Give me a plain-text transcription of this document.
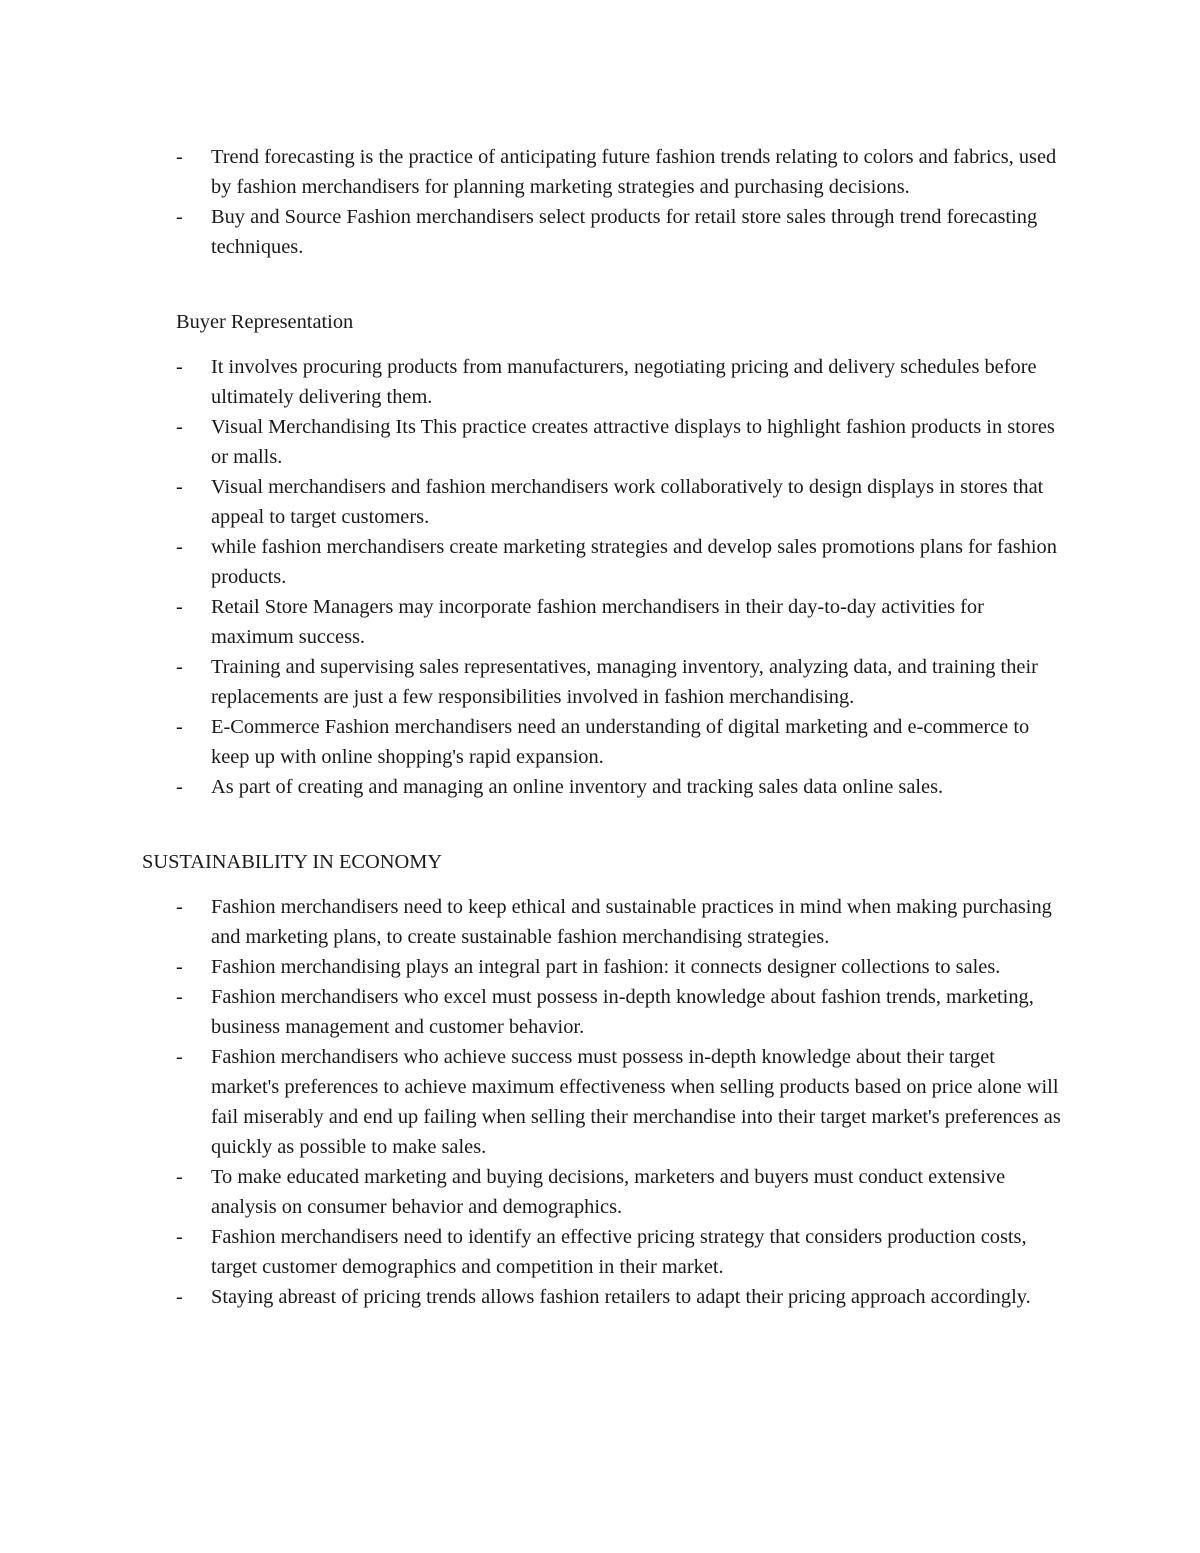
- Trend forecasting is the practice of anticipating future fashion trends relating to colors and fabrics, used by fashion merchandisers for planning marketing strategies and purchasing decisions.
- Buy and Source Fashion merchandisers select products for retail store sales through trend forecasting techniques.
Buyer Representation
- It involves procuring products from manufacturers, negotiating pricing and delivery schedules before ultimately delivering them.
- Visual Merchandising Its This practice creates attractive displays to highlight fashion products in stores or malls.
- Visual merchandisers and fashion merchandisers work collaboratively to design displays in stores that appeal to target customers.
- while fashion merchandisers create marketing strategies and develop sales promotions plans for fashion products.
- Retail Store Managers may incorporate fashion merchandisers in their day-to-day activities for maximum success.
- Training and supervising sales representatives, managing inventory, analyzing data, and training their replacements are just a few responsibilities involved in fashion merchandising.
- E-Commerce Fashion merchandisers need an understanding of digital marketing and e-commerce to keep up with online shopping's rapid expansion.
- As part of creating and managing an online inventory and tracking sales data online sales.
SUSTAINABILITY IN ECONOMY
- Fashion merchandisers need to keep ethical and sustainable practices in mind when making purchasing and marketing plans, to create sustainable fashion merchandising strategies.
- Fashion merchandising plays an integral part in fashion: it connects designer collections to sales.
- Fashion merchandisers who excel must possess in-depth knowledge about fashion trends, marketing, business management and customer behavior.
- Fashion merchandisers who achieve success must possess in-depth knowledge about their target market's preferences to achieve maximum effectiveness when selling products based on price alone will fail miserably and end up failing when selling their merchandise into their target market's preferences as quickly as possible to make sales.
- To make educated marketing and buying decisions, marketers and buyers must conduct extensive analysis on consumer behavior and demographics.
- Fashion merchandisers need to identify an effective pricing strategy that considers production costs, target customer demographics and competition in their market.
- Staying abreast of pricing trends allows fashion retailers to adapt their pricing approach accordingly.
